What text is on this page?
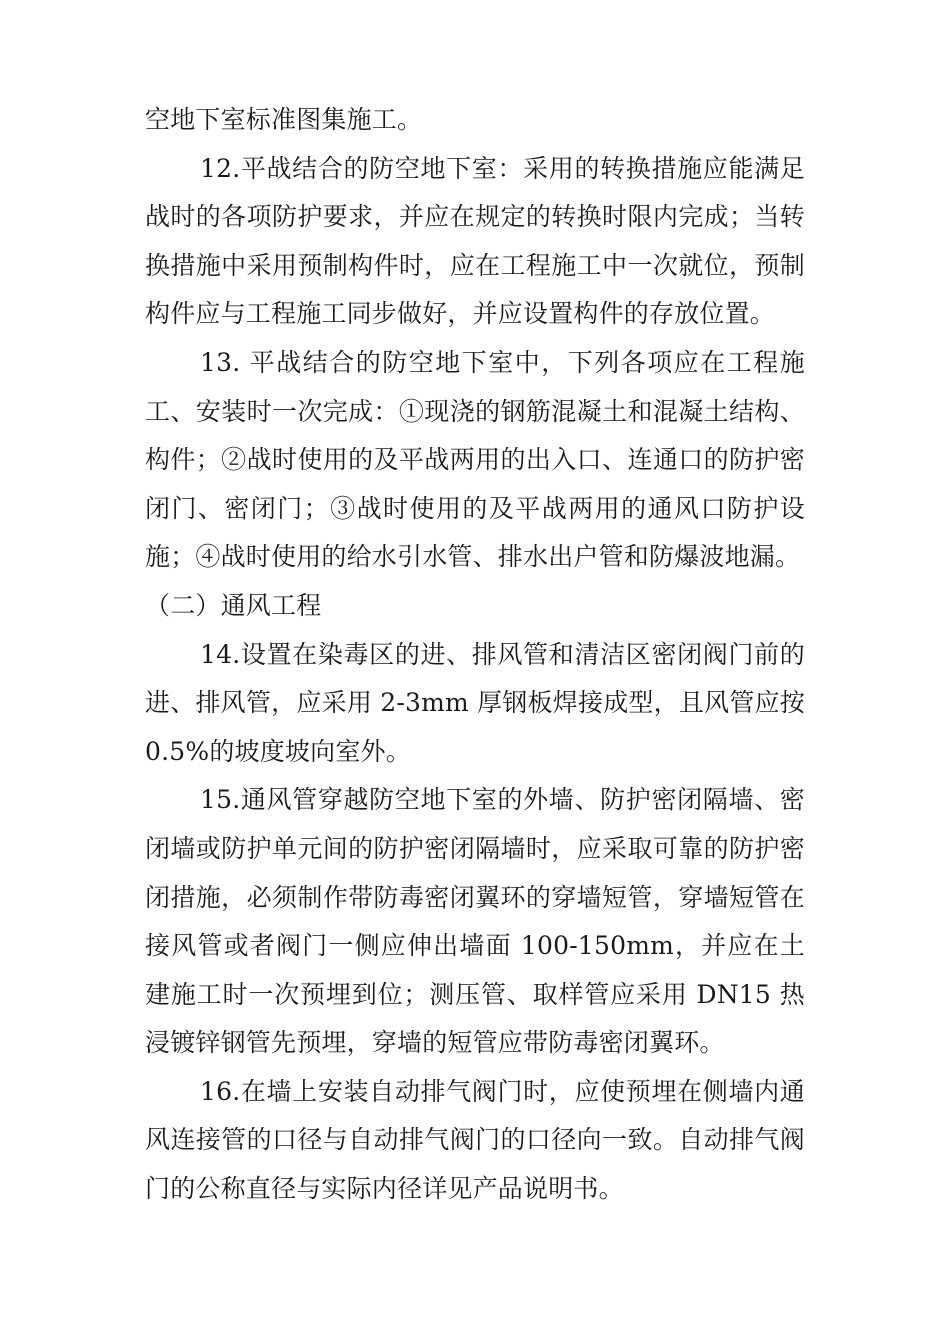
空地下室标准图集施工。

12.平战结合的防空地下室：采用的转换措施应能满足战时的各项防护要求，并应在规定的转换时限内完成；当转换措施中采用预制构件时，应在工程施工中一次就位，预制构件应与工程施工同步做好，并应设置构件的存放位置。

13. 平战结合的防空地下室中，下列各项应在工程施工、安装时一次完成：①现浇的钢筋混凝土和混凝土结构、构件；②战时使用的及平战两用的出入口、连通口的防护密闭门、密闭门；③战时使用的及平战两用的通风口防护设施；④战时使用的给水引水管、排水出户管和防爆波地漏。

（二）通风工程

14.设置在染毒区的进、排风管和清洁区密闭阀门前的进、排风管，应采用 2-3mm 厚钢板焊接成型，且风管应按 0.5%的坡度坡向室外。

15.通风管穿越防空地下室的外墙、防护密闭隔墙、密闭墙或防护单元间的防护密闭隔墙时，应采取可靠的防护密闭措施，必须制作带防毒密闭翼环的穿墙短管，穿墙短管在接风管或者阀门一侧应伸出墙面 100-150mm，并应在土建施工时一次预埋到位；测压管、取样管应采用 DN15 热浸镀锌钢管先预埋，穿墙的短管应带防毒密闭翼环。

16.在墙上安装自动排气阀门时，应使预埋在侧墙内通风连接管的口径与自动排气阀门的口径向一致。自动排气阀门的公称直径与实际内径详见产品说明书。
